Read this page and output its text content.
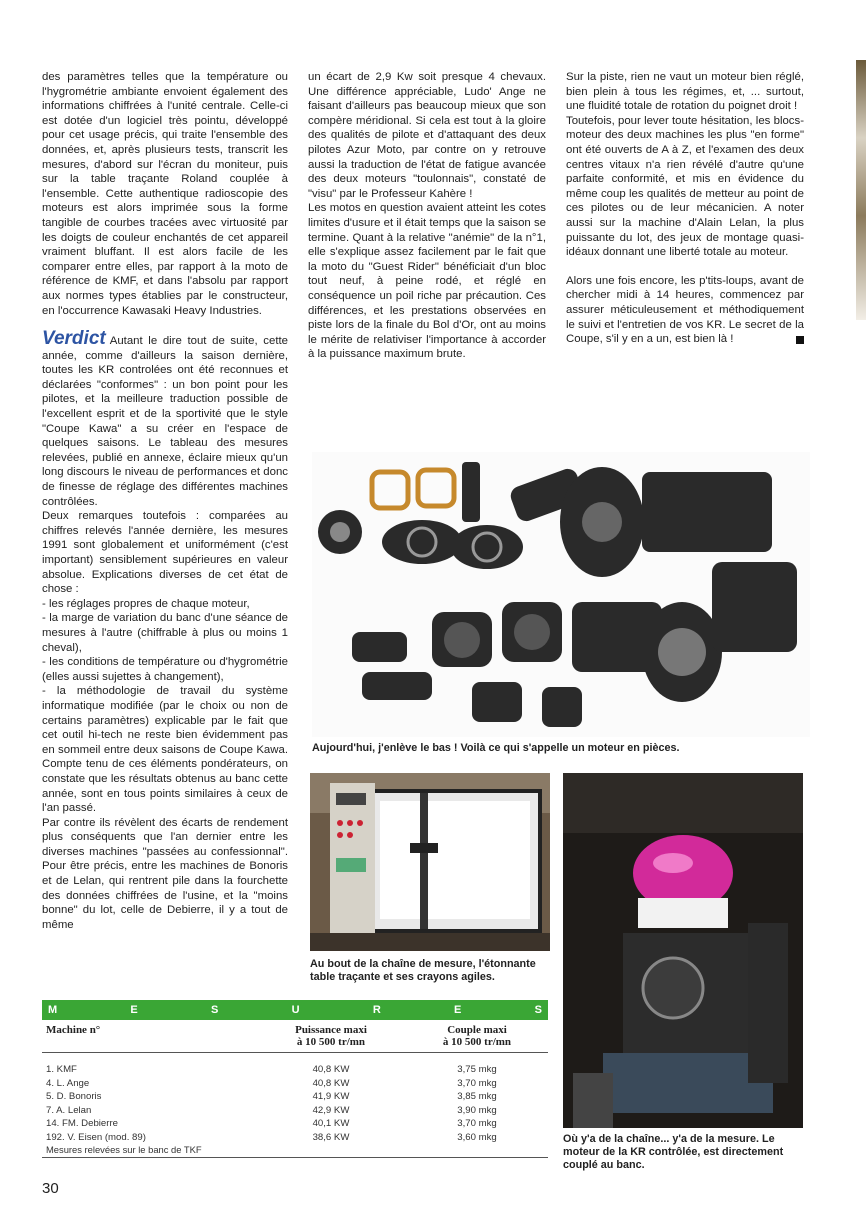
des paramètres telles que la température ou l'hygrométrie ambiante envoient également des informations chiffrées à l'unité centrale. Celle-ci est dotée d'un logiciel très pointu, développé pour cet usage précis, qui traite l'ensemble des données, et, après plusieurs tests, transcrit les mesures, d'abord sur l'écran du moniteur, puis sur la table traçante Roland couplée à l'ensemble. Cette authentique radioscopie des moteurs est alors imprimée sous la forme tangible de courbes tracées avec virtuosité par les doigts de couleur enchantés de cet appareil vraiment bluffant. Il est alors facile de les comparer entre elles, par rapport à la moto de référence de KMF, et dans l'absolu par rapport aux normes types établies par le constructeur, en l'occurrence Kawasaki Heavy Industries.

Verdict Autant le dire tout de suite, cette année, comme d'ailleurs la saison dernière, toutes les KR controlées ont été reconnues et déclarées "conformes" : un bon point pour les pilotes, et la meilleure traduction possible de l'excellent esprit et de la sportivité que le style "Coupe Kawa" a su créer en l'espace de quelques saisons. Le tableau des mesures relevées, publié en annexe, éclaire mieux qu'un long discours le niveau de performances et donc de finesse de réglage des différentes machines contrôlées.

Deux remarques toutefois : comparées au chiffres relevés l'année dernière, les mesures 1991 sont globalement et uniformément (c'est important) sensiblement supérieures en valeur absolue. Explications diverses de cet état de chose :

- les réglages propres de chaque moteur,

- la marge de variation du banc d'une séance de mesures à l'autre (chiffrable à plus ou moins 1 cheval),

- les conditions de température ou d'hygrométrie (elles aussi sujettes à changement),

- la méthodologie de travail du système informatique modifiée (par le choix ou non de certains paramètres) explicable par le fait que cet outil hi-tech ne reste bien évidemment pas en sommeil entre deux saisons de Coupe Kawa. Compte tenu de ces éléments pondérateurs, on constate que les résultats obtenus au banc cette année, sont en tous points similaires à ceux de l'an passé.

Par contre ils révèlent des écarts de rendement plus conséquents que l'an dernier entre les diverses machines "passées au confessionnal". Pour être précis, entre les machines de Bonoris et de Lelan, qui rentrent pile dans la fourchette des données chiffrées de l'usine, et la "moins bonne" du lot, celle de Debierre, il y a tout de même

un écart de 2,9 Kw soit presque 4 chevaux. Une différence appréciable, Ludo' Ange ne faisant d'ailleurs pas beaucoup mieux que son compère méridional. Si cela est tout à la gloire des qualités de pilote et d'attaquant des deux pilotes Azur Moto, par contre on y retrouve aussi la traduction de l'état de fatigue avancée des deux moteurs "toulonnais", constaté de "visu" par le Professeur Kahère !

Les motos en question avaient atteint les cotes limites d'usure et il était temps que la saison se termine. Quant à la relative "anémie" de la n°1, elle s'explique assez facilement par le fait que la moto du "Guest Rider" bénéficiait d'un bloc tout neuf, à peine rodé, et réglé en conséquence un poil riche par précaution. Ces différences, et les prestations observées en piste lors de la finale du Bol d'Or, ont au moins le mérite de relativiser l'importance à accorder à la puissance maximum brute.

Sur la piste, rien ne vaut un moteur bien réglé, bien plein à tous les régimes, et, ... surtout, une fluidité totale de rotation du poignet droit !

Toutefois, pour lever toute hésitation, les blocs-moteur des deux machines les plus "en forme" ont été ouverts de A à Z, et l'examen des deux centres vitaux n'a rien révélé d'autre qu'une parfaite conformité, et mis en évidence du même coup les qualités de metteur au point de ces pilotes ou de leur mécanicien. A noter aussi sur la machine d'Alain Lelan, la plus puissante du lot, des jeux de montage quasi-idéaux donnant une liberté totale au moteur.

Alors une fois encore, les p'tits-loups, avant de chercher midi à 14 heures, commencez par assurer méticuleusement et méthodiquement le suivi et l'entretien de vos KR. Le secret de la Coupe, s'il y en a un, est bien là !

Aujourd'hui, j'enlève le bas ! Voilà ce qui s'appelle un moteur en pièces.
Au bout de la chaîne de mesure, l'étonnante table traçante et ses crayons agiles.
Où y'a de la chaîne... y'a de la mesure. Le moteur de la KR contrôlée, est directement couplé au banc.
M	E	S	U	R	E	S
Machine n°	Puissance maxi
à 10 500 tr/mn
Couple maxi
à 10 500 tr/mn
1. KMF	40,8 KW	3,75 mkg
4. L. Ange	40,8 KW	3,70 mkg
5. D. Bonoris	41,9 KW	3,85 mkg
7. A. Lelan	42,9 KW	3,90 mkg
14. FM. Debierre	40,1 KW	3,70 mkg
192. V. Eisen (mod. 89)	38,6 KW	3,60 mkg
Mesures relevées sur le banc de TKF
30
